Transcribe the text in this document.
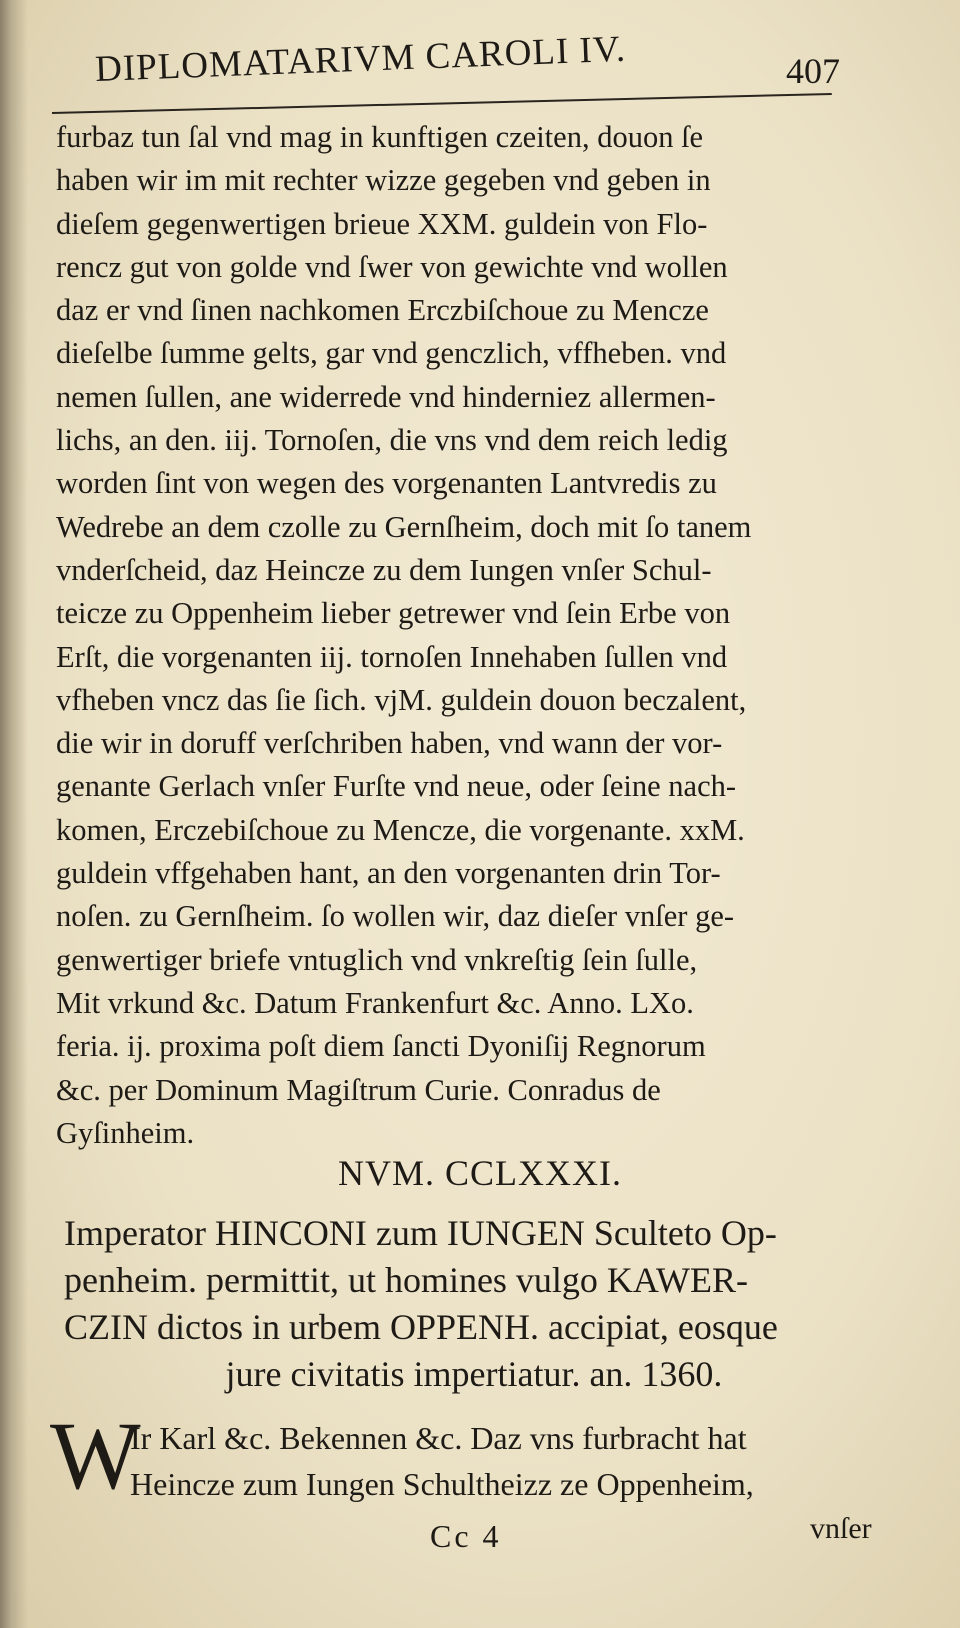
DIPLOMATARIVM CAROLI IV.	407
furbaz tun ſal vnd mag in kunftigen czeiten, douon ſe
haben wir im mit rechter wizze gegeben vnd geben in
dieſem gegenwertigen brieue XXM. guldein von Flo-
rencz gut von golde vnd ſwer von gewichte vnd wollen
daz er vnd ſinen nachkomen Erczbiſchoue zu Mencze
dieſelbe ſumme gelts, gar vnd genczlich, vffheben. vnd
nemen ſullen, ane widerrede vnd hinderniez allermen-
lichs, an den. iij. Tornoſen, die vns vnd dem reich ledig
worden ſint von wegen des vorgenanten Lantvredis zu
Wedrebe an dem czolle zu Gernſheim, doch mit ſo tanem
vnderſcheid, daz Heincze zu dem Iungen vnſer Schul-
teicze zu Oppenheim lieber getrewer vnd ſein Erbe von
Erſt, die vorgenanten iij. tornoſen Innehaben ſullen vnd
vfheben vncz das ſie ſich. vjM. guldein douon beczalent,
die wir in doruff verſchriben haben, vnd wann der vor-
genante Gerlach vnſer Furſte vnd neue, oder ſeine nach-
komen, Erczebiſchoue zu Mencze, die vorgenante. xxM.
guldein vffgehaben hant, an den vorgenanten drin Tor-
noſen. zu Gernſheim. ſo wollen wir, daz dieſer vnſer ge-
genwertiger briefe vntuglich vnd vnkreſtig ſein ſulle,
Mit vrkund &c. Datum Frankenfurt &c. Anno. LXo.
feria. ij. proxima poſt diem ſancti Dyoniſij Regnorum
&c. per Dominum Magiſtrum Curie. Conradus de
Gyſinheim.
NVM. CCLXXXI.
Imperator HINCONI zum IUNGEN Sculteto Op-
penheim. permittit, ut homines vulgo KAWER-
CZIN dictos in urbem OPPENH. accipiat, eosque
jure civitatis impertiatur. an. 1360.
W
Ir Karl &c. Bekennen &c. Daz vns furbracht hat
Heincze zum Iungen Schultheizz ze Oppenheim,
Cc 4	vnſer
